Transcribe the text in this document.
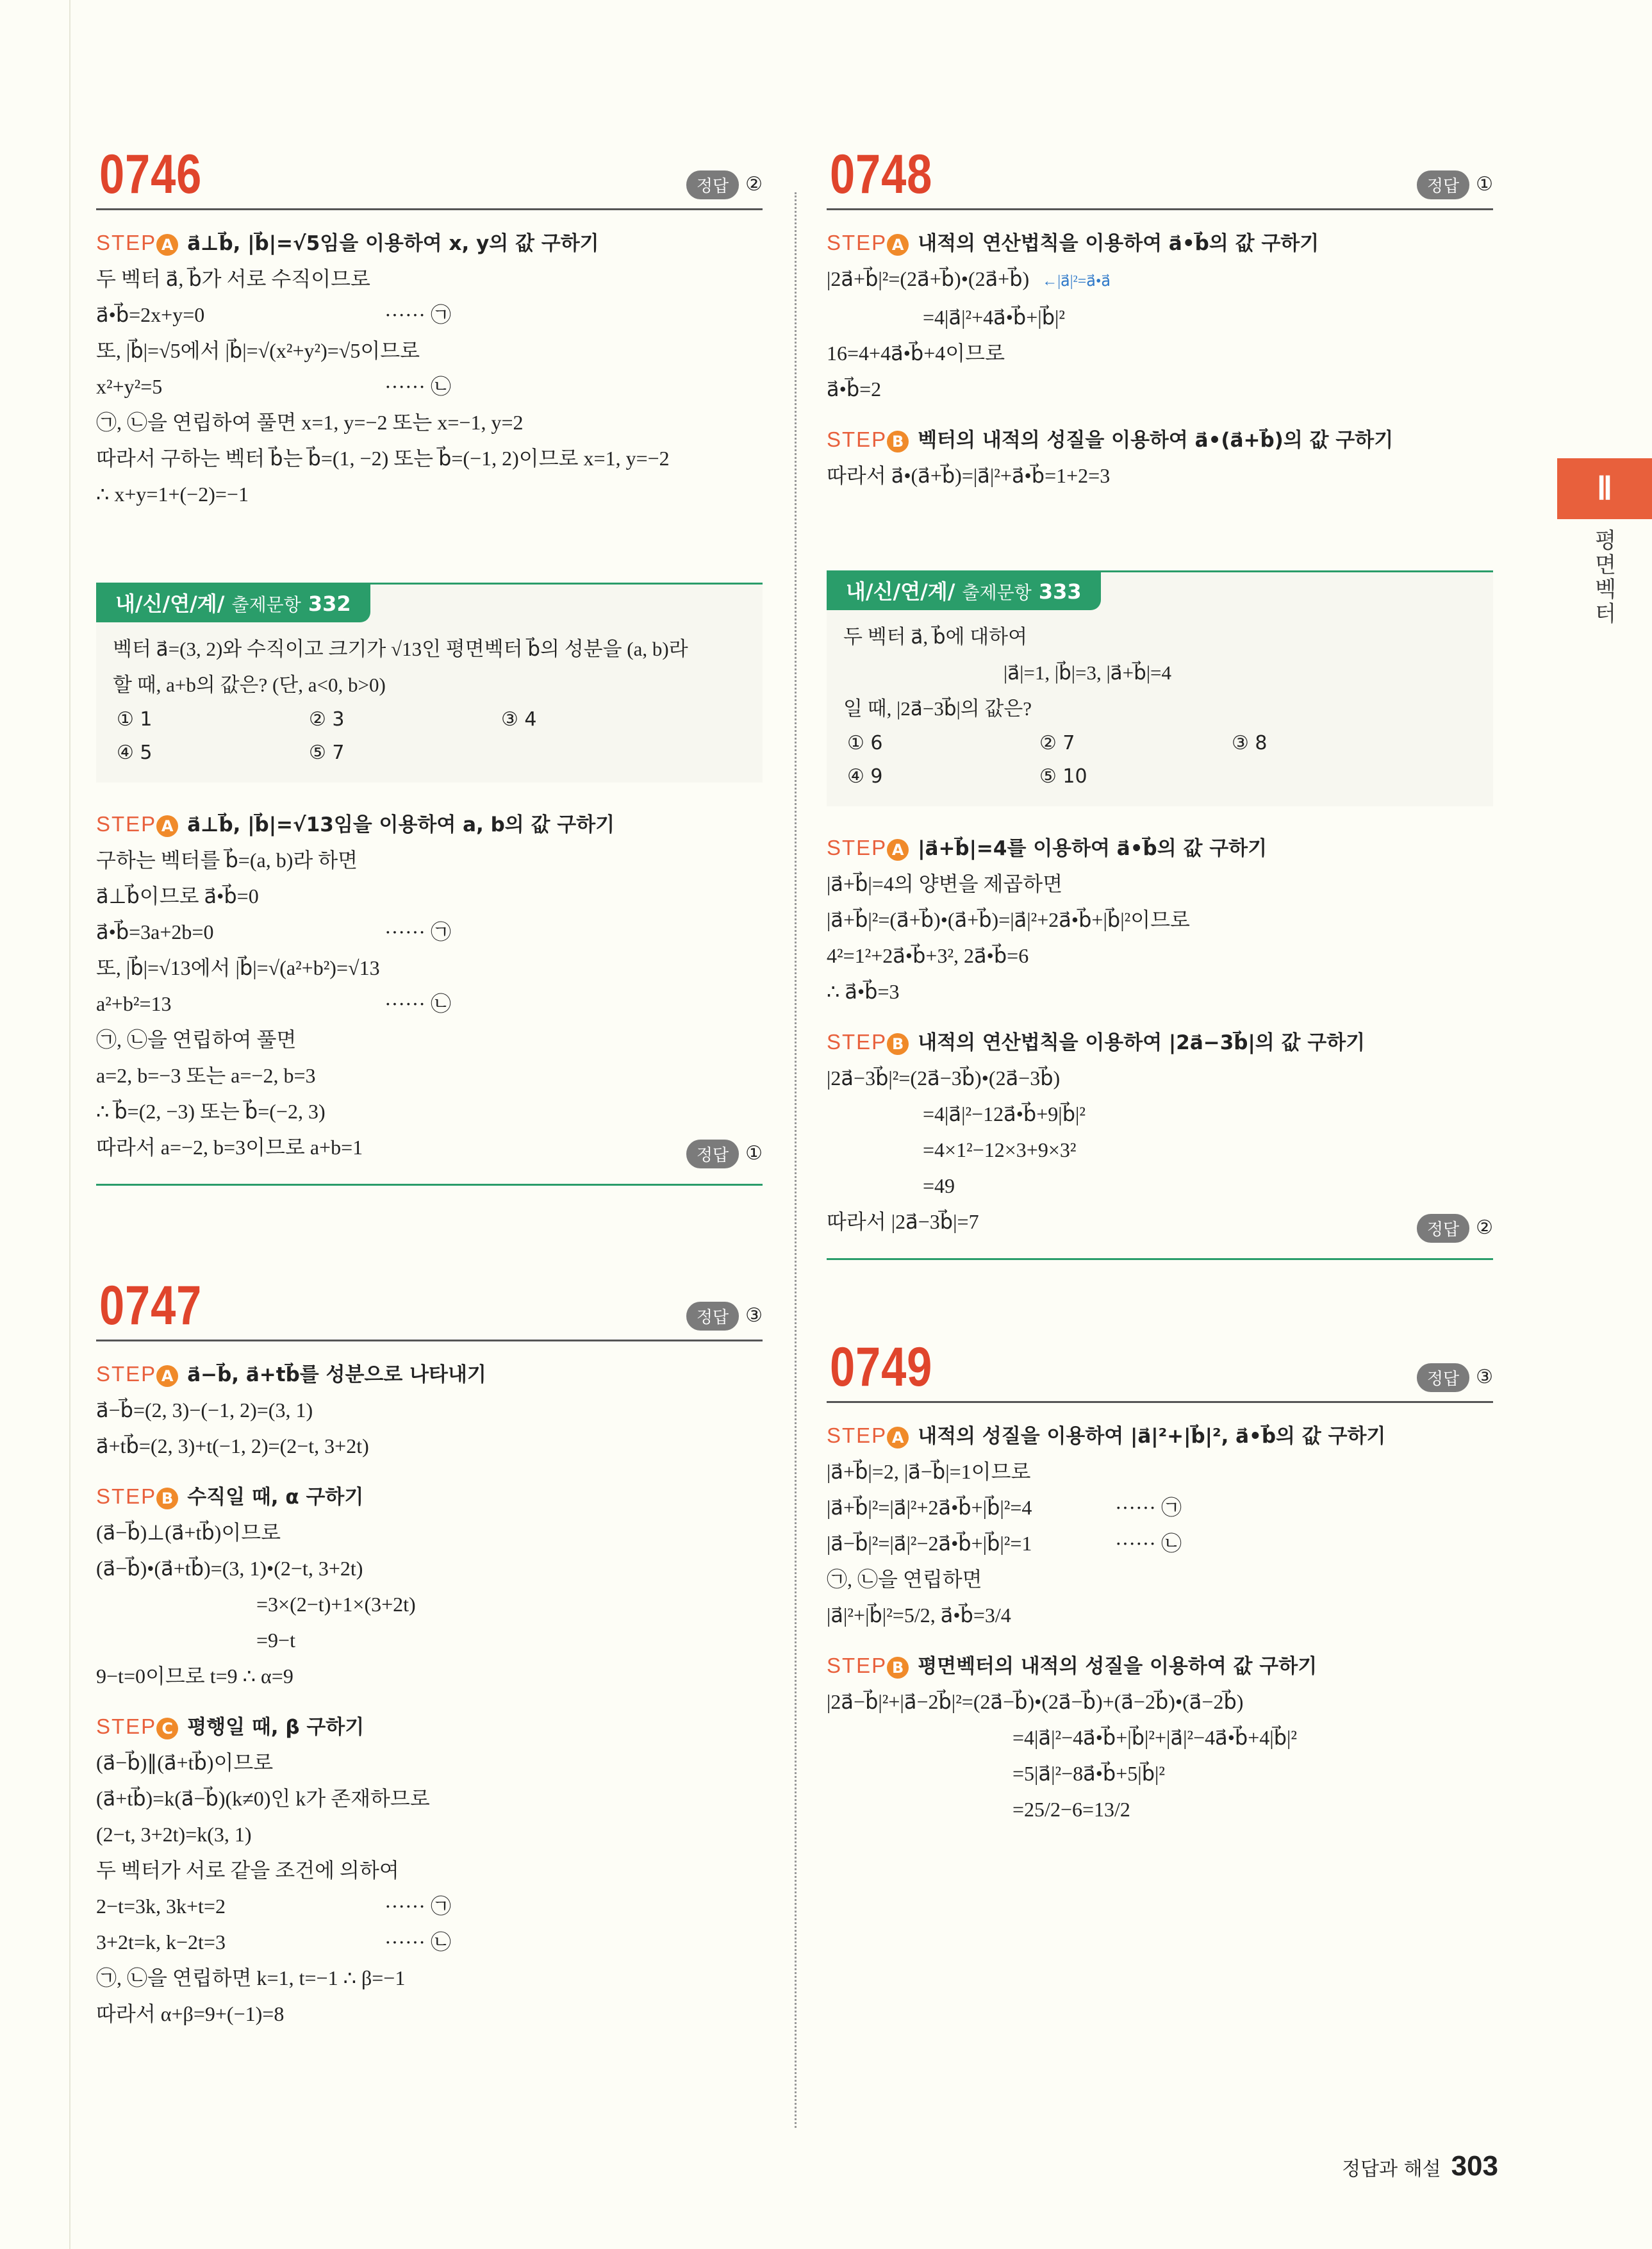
0746	정답 ②
STEP A a⃗⊥b⃗, |b⃗|=√5임을 이용하여 x, y의 값 구하기
두 벡터 a⃗, b⃗가 서로 수직이므로
a⃗•b⃗=2x+y=0	······ ㉠
또, |b⃗|=√5에서 |b⃗|=√(x²+y²)=√5이므로
x²+y²=5	······ ㉡
㉠, ㉡을 연립하여 풀면 x=1, y=−2 또는 x=−1, y=2
따라서 구하는 벡터 b⃗는 b⃗=(1, −2) 또는 b⃗=(−1, 2)이므로 x=1, y=−2
∴ x+y=1+(−2)=−1
내/신/연/계/ 출제문항 332
벡터 a⃗=(3, 2)와 수직이고 크기가 √13인 평면벡터 b⃗의 성분을 (a, b)라
할 때, a+b의 값은? (단, a<0, b>0)
① 1	② 3	③ 4
④ 5	⑤ 7
STEP A a⃗⊥b⃗, |b⃗|=√13임을 이용하여 a, b의 값 구하기
구하는 벡터를 b⃗=(a, b)라 하면
a⃗⊥b⃗이므로 a⃗•b⃗=0
a⃗•b⃗=3a+2b=0	······ ㉠
또, |b⃗|=√13에서 |b⃗|=√(a²+b²)=√13
a²+b²=13	······ ㉡
㉠, ㉡을 연립하여 풀면
a=2, b=−3 또는 a=−2, b=3
∴ b⃗=(2, −3) 또는 b⃗=(−2, 3)
따라서 a=−2, b=3이므로 a+b=1	정답 ①
0747	정답 ③
STEP A a⃗−b⃗, a⃗+tb⃗를 성분으로 나타내기
a⃗−b⃗=(2, 3)−(−1, 2)=(3, 1)
a⃗+tb⃗=(2, 3)+t(−1, 2)=(2−t, 3+2t)
STEP B 수직일 때, α 구하기
(a⃗−b⃗)⊥(a⃗+tb⃗)이므로
(a⃗−b⃗)•(a⃗+tb⃗)=(3, 1)•(2−t, 3+2t)
=3×(2−t)+1×(3+2t)
=9−t
9−t=0이므로 t=9 ∴ α=9
STEP C 평행일 때, β 구하기
(a⃗−b⃗)∥(a⃗+tb⃗)이므로
(a⃗+tb⃗)=k(a⃗−b⃗)(k≠0)인 k가 존재하므로
(2−t, 3+2t)=k(3, 1)
두 벡터가 서로 같을 조건에 의하여
2−t=3k, 3k+t=2	······ ㉠
3+2t=k, k−2t=3	······ ㉡
㉠, ㉡을 연립하면 k=1, t=−1 ∴ β=−1
따라서 α+β=9+(−1)=8
0748	정답 ①
STEP A 내적의 연산법칙을 이용하여 a⃗•b⃗의 값 구하기
|2a⃗+b⃗|²=(2a⃗+b⃗)•(2a⃗+b⃗) ←|a⃗|²=a⃗•a⃗
=4|a⃗|²+4a⃗•b⃗+|b⃗|²
16=4+4a⃗•b⃗+4이므로
a⃗•b⃗=2
STEP B 벡터의 내적의 성질을 이용하여 a⃗•(a⃗+b⃗)의 값 구하기
따라서 a⃗•(a⃗+b⃗)=|a⃗|²+a⃗•b⃗=1+2=3
내/신/연/계/ 출제문항 333
두 벡터 a⃗, b⃗에 대하여
|a⃗|=1, |b⃗|=3, |a⃗+b⃗|=4
일 때, |2a⃗−3b⃗|의 값은?
① 6	② 7	③ 8
④ 9	⑤ 10
STEP A |a⃗+b⃗|=4를 이용하여 a⃗•b⃗의 값 구하기
|a⃗+b⃗|=4의 양변을 제곱하면
|a⃗+b⃗|²=(a⃗+b⃗)•(a⃗+b⃗)=|a⃗|²+2a⃗•b⃗+|b⃗|²이므로
4²=1²+2a⃗•b⃗+3², 2a⃗•b⃗=6
∴ a⃗•b⃗=3
STEP B 내적의 연산법칙을 이용하여 |2a⃗−3b⃗|의 값 구하기
|2a⃗−3b⃗|²=(2a⃗−3b⃗)•(2a⃗−3b⃗)
=4|a⃗|²−12a⃗•b⃗+9|b⃗|²
=4×1²−12×3+9×3²
=49
따라서 |2a⃗−3b⃗|=7	정답 ②
0749	정답 ③
STEP A 내적의 성질을 이용하여 |a⃗|²+|b⃗|², a⃗•b⃗의 값 구하기
|a⃗+b⃗|=2, |a⃗−b⃗|=1이므로
|a⃗+b⃗|²=|a⃗|²+2a⃗•b⃗+|b⃗|²=4	······ ㉠
|a⃗−b⃗|²=|a⃗|²−2a⃗•b⃗+|b⃗|²=1	······ ㉡
㉠, ㉡을 연립하면
|a⃗|²+|b⃗|²=5/2, a⃗•b⃗=3/4
STEP B 평면벡터의 내적의 성질을 이용하여 값 구하기
|2a⃗−b⃗|²+|a⃗−2b⃗|²=(2a⃗−b⃗)•(2a⃗−b⃗)+(a⃗−2b⃗)•(a⃗−2b⃗)
=4|a⃗|²−4a⃗•b⃗+|b⃗|²+|a⃗|²−4a⃗•b⃗+4|b⃗|²
=5|a⃗|²−8a⃗•b⃗+5|b⃗|²
=25/2−6=13/2
Ⅱ
평면벡터
정답과 해설 303
